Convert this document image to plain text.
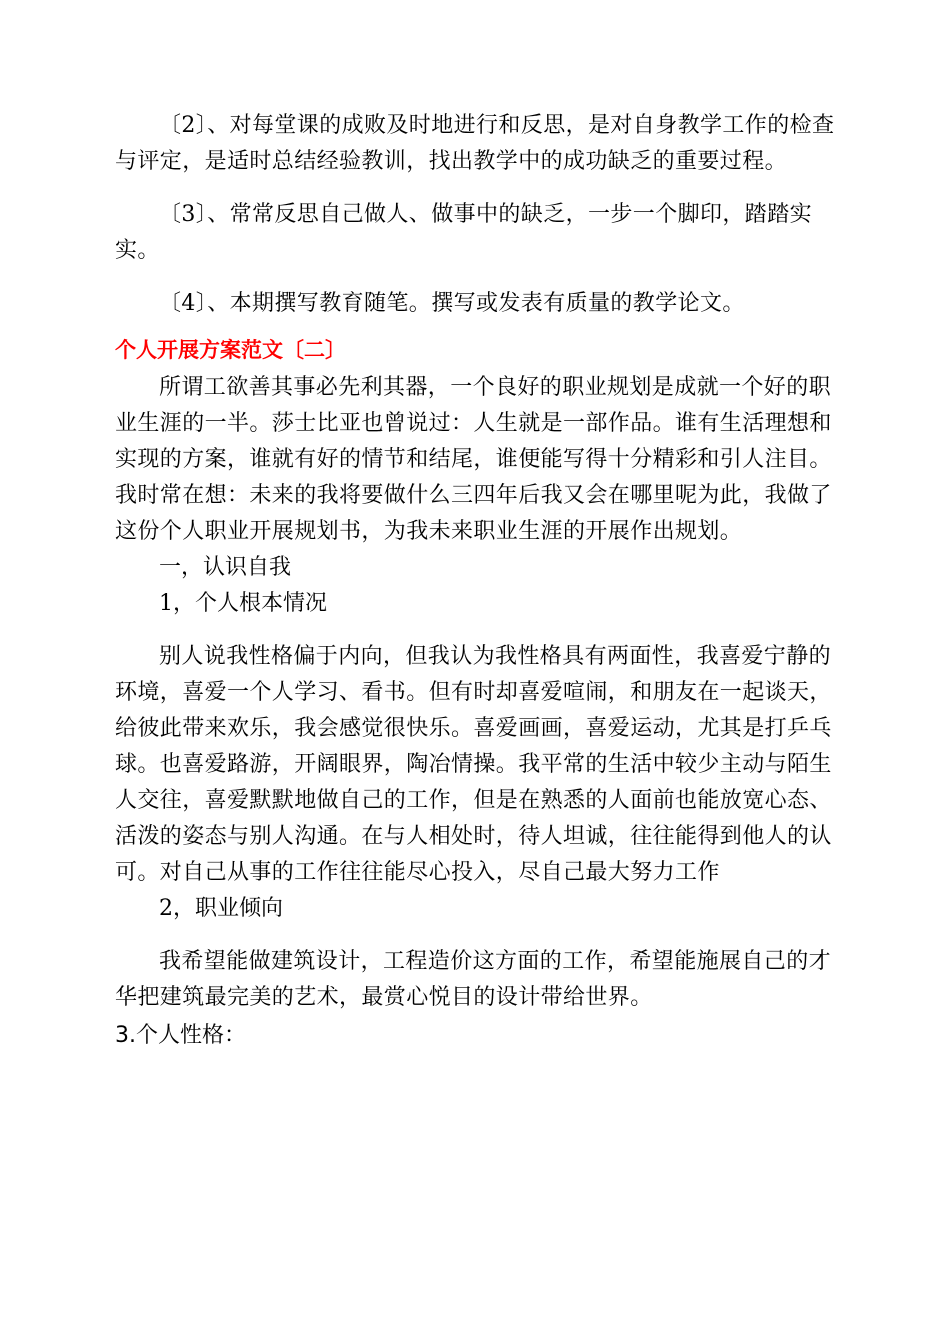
〔2〕、对每堂课的成败及时地进行和反思，是对自身教学工作的检查与评定，是适时总结经验教训，找出教学中的成功缺乏的重要过程。

〔3〕、常常反思自己做人、做事中的缺乏，一步一个脚印，踏踏实实。

〔4〕、本期撰写教育随笔。撰写或发表有质量的教学论文。

个人开展方案范文〔二〕

所谓工欲善其事必先利其器，一个良好的职业规划是成就一个好的职业生涯的一半。莎士比亚也曾说过：人生就是一部作品。谁有生活理想和实现的方案，谁就有好的情节和结尾，谁便能写得十分精彩和引人注目。我时常在想：未来的我将要做什么三四年后我又会在哪里呢为此，我做了这份个人职业开展规划书，为我未来职业生涯的开展作出规划。

一，认识自我

1，个人根本情况

别人说我性格偏于内向，但我认为我性格具有两面性，我喜爱宁静的环境，喜爱一个人学习、看书。但有时却喜爱喧闹，和朋友在一起谈天，给彼此带来欢乐，我会感觉很快乐。喜爱画画，喜爱运动，尤其是打乒乓球。也喜爱路游，开阔眼界，陶冶情操。我平常的生活中较少主动与陌生人交往，喜爱默默地做自己的工作，但是在熟悉的人面前也能放宽心态、活泼的姿态与别人沟通。在与人相处时，待人坦诚，往往能得到他人的认可。对自己从事的工作往往能尽心投入，尽自己最大努力工作

2，职业倾向

我希望能做建筑设计，工程造价这方面的工作，希望能施展自己的才华把建筑最完美的艺术，最赏心悦目的设计带给世界。

3.个人性格：
